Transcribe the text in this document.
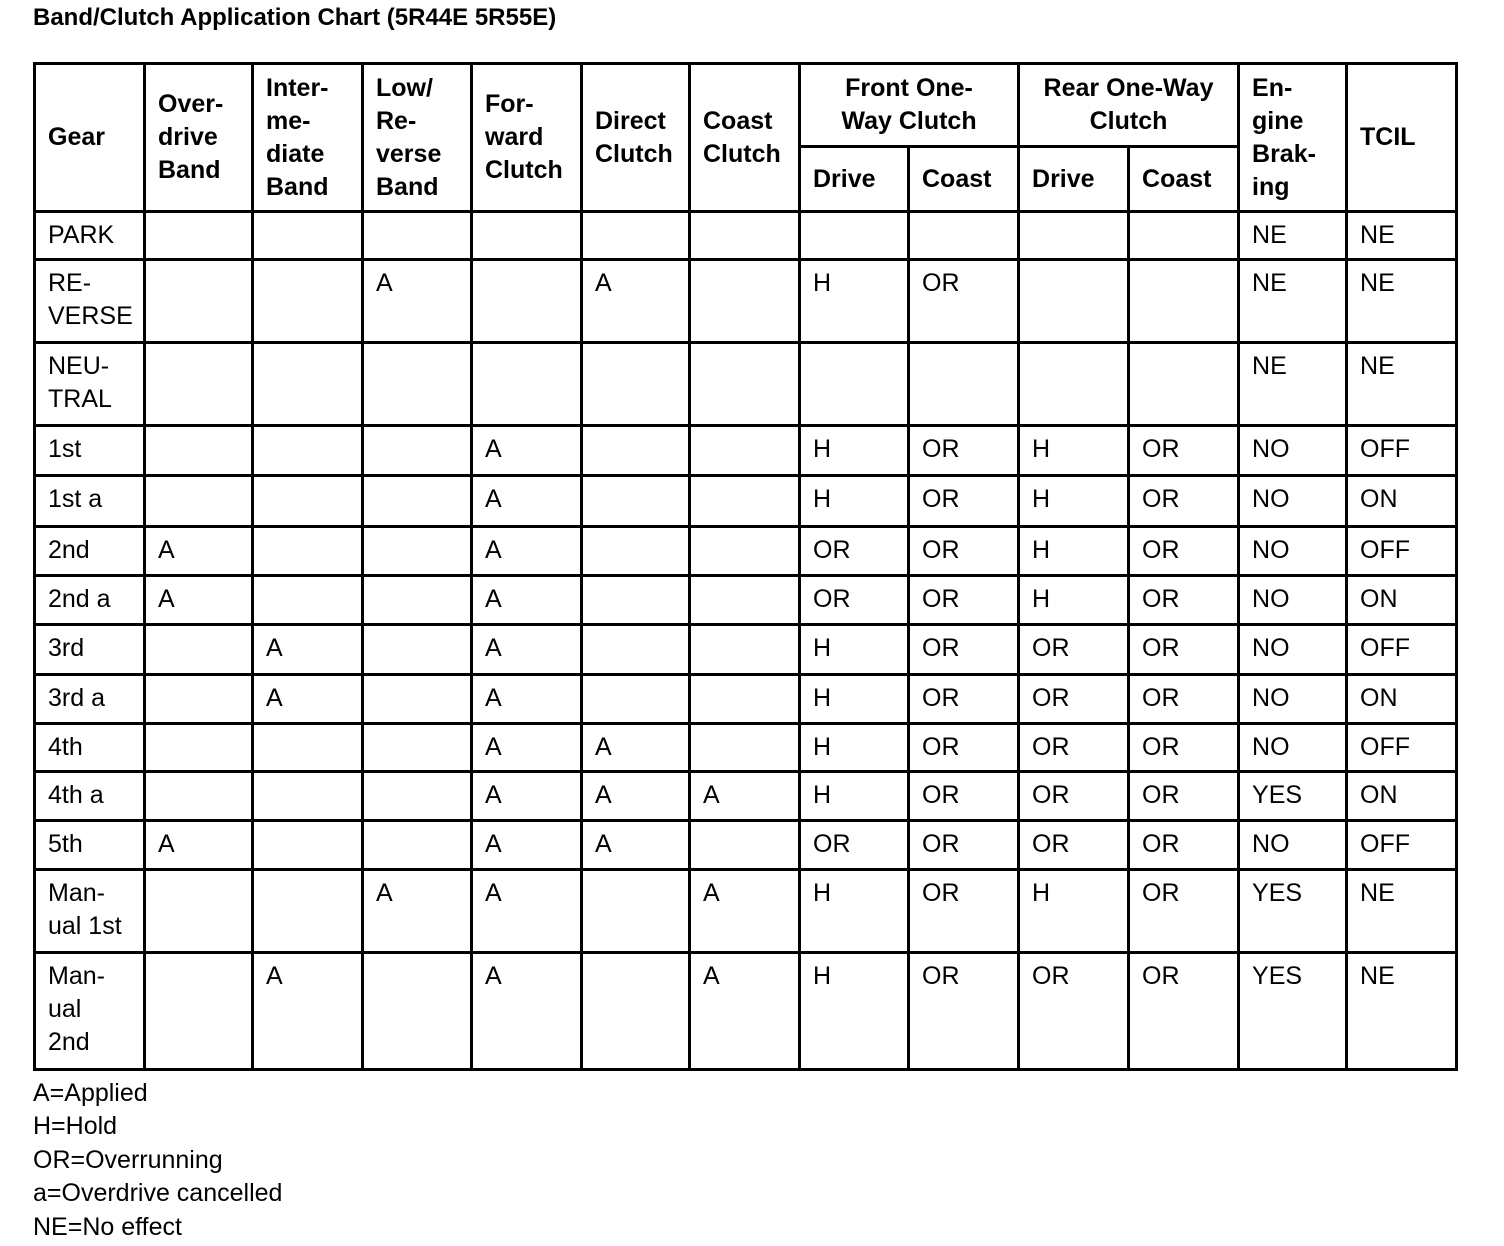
Band/Clutch Application Chart (5R44E 5R55E)
Gear	Over-
drive
Band	Inter-
me-
diate
Band	Low/
Re-
verse
Band	For-
ward
Clutch	Direct
Clutch	Coast
Clutch	Front One-
Way Clutch		Rear One-Way
Clutch		En-
gine
Brak-
ing	TCIL
							Drive	Coast	Drive	Coast		
PARK											NE	NE
RE-
VERSE			A		A		H	OR			NE	NE
NEU-
TRAL											NE	NE
1st				A			H	OR	H	OR	NO	OFF
1st a				A			H	OR	H	OR	NO	ON
2nd	A			A			OR	OR	H	OR	NO	OFF
2nd a	A			A			OR	OR	H	OR	NO	ON
3rd		A		A			H	OR	OR	OR	NO	OFF
3rd a		A		A			H	OR	OR	OR	NO	ON
4th				A	A		H	OR	OR	OR	NO	OFF
4th a				A	A	A	H	OR	OR	OR	YES	ON
5th	A			A	A		OR	OR	OR	OR	NO	OFF
Man-
ual 1st			A	A		A	H	OR	H	OR	YES	NE
Man-
ual
2nd		A		A		A	H	OR	OR	OR	YES	NE
A=Applied
H=Hold
OR=Overrunning
a=Overdrive cancelled
NE=No effect
